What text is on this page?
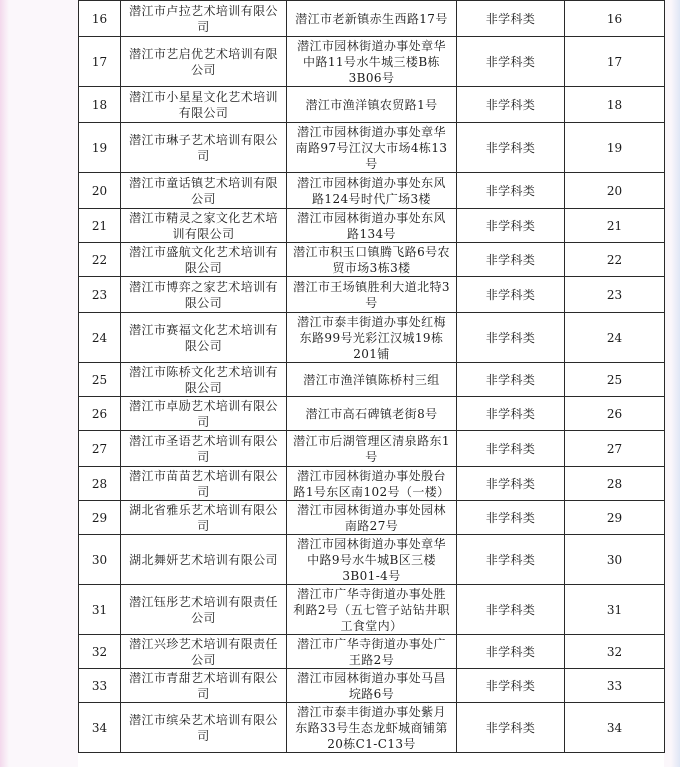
16	潜江市卢拉艺术培训有限公司	潜江市老新镇赤生西路17号	非学科类	16
17	潜江市艺启优艺术培训有限公司	潜江市园林街道办事处章华中路11号水牛城三楼B栋3B06号	非学科类	17
18	潜江市小星星文化艺术培训有限公司	潜江市渔洋镇农贸路1号	非学科类	18
19	潜江市琳子艺术培训有限公司	潜江市园林街道办事处章华南路97号江汉大市场4栋13号	非学科类	19
20	潜江市童话镇艺术培训有限公司	潜江市园林街道办事处东风路124号时代广场3楼	非学科类	20
21	潜江市精灵之家文化艺术培训有限公司	潜江市园林街道办事处东风路134号	非学科类	21
22	潜江市盛航文化艺术培训有限公司	潜江市积玉口镇腾飞路6号农贸市场3栋3楼	非学科类	22
23	潜江市博弈之家艺术培训有限公司	潜江市王场镇胜利大道北特3号	非学科类	23
24	潜江市赛福文化艺术培训有限公司	潜江市泰丰街道办事处红梅东路99号光彩江汉城19栋201铺	非学科类	24
25	潜江市陈桥文化艺术培训有限公司	潜江市渔洋镇陈桥村三组	非学科类	25
26	潜江市卓励艺术培训有限公司	潜江市高石碑镇老街8号	非学科类	26
27	潜江市圣语艺术培训有限公司	潜江市后湖管理区清泉路东1号	非学科类	27
28	潜江市苗苗艺术培训有限公司	潜江市园林街道办事处殷台路1号东区南102号（一楼）	非学科类	28
29	湖北省雅乐艺术培训有限公司	潜江市园林街道办事处园林南路27号	非学科类	29
30	湖北舞妍艺术培训有限公司	潜江市园林街道办事处章华中路9号水牛城B区三楼3B01-4号	非学科类	30
31	潜江钰彤艺术培训有限责任公司	潜江市广华寺街道办事处胜利路2号（五七管子站钻井职工食堂内）	非学科类	31
32	潜江兴珍艺术培训有限责任公司	潜江市广华寺街道办事处广王路2号	非学科类	32
33	潜江市青甜艺术培训有限公司	潜江市园林街道办事处马昌垸路6号	非学科类	33
34	潜江市缤朵艺术培训有限公司	潜江市泰丰街道办事处紫月东路33号生态龙虾城商铺第20栋C1-C13号	非学科类	34
